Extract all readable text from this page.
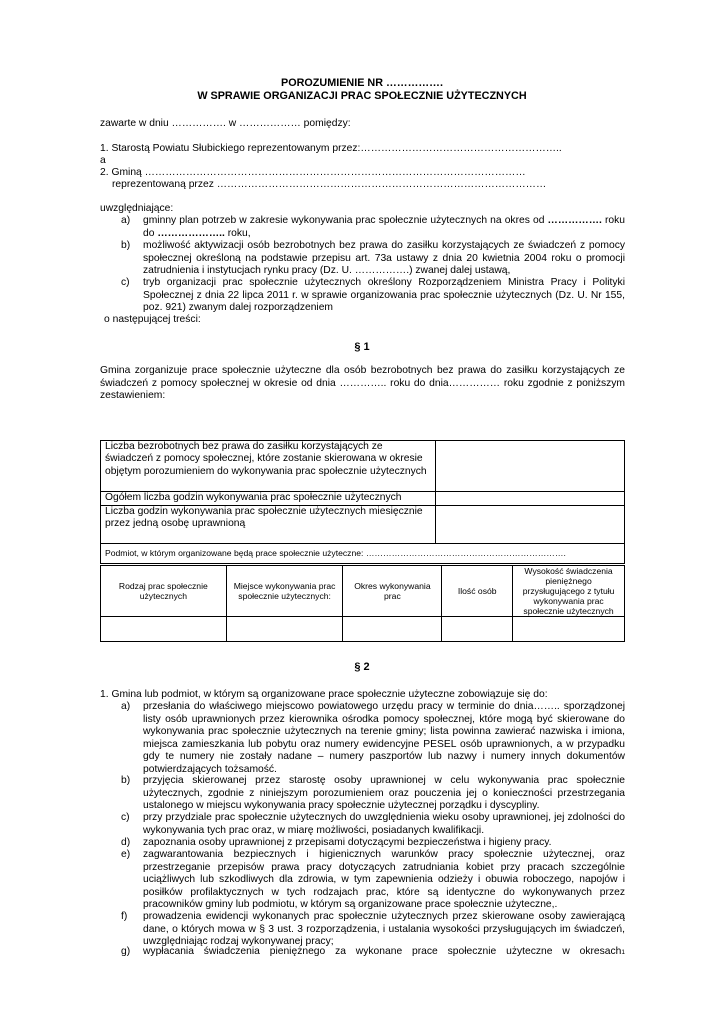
POROZUMIENIE NR …………….
W SPRAWIE ORGANIZACJI PRAC SPOŁECZNIE UŻYTECZNYCH
zawarte w dniu ……………. w ……………… pomiędzy:
1. Starostą Powiatu Słubickiego reprezentowanym przez:…………………………………………………..
a
2. Gminą …………………………………………………………………………………………………
reprezentowaną przez ……………………………………………………………………………………
uwzględniające:
a) gminny plan potrzeb w zakresie wykonywania prac społecznie użytecznych na okres od ……………. roku do ……………….. roku,
b) możliwość aktywizacji osób bezrobotnych bez prawa do zasiłku korzystających ze świadczeń z pomocy społecznej określoną na podstawie przepisu art. 73a ustawy z dnia 20 kwietnia 2004 roku o promocji zatrudnienia i instytucjach rynku pracy (Dz. U. …………….) zwanej dalej ustawą,
c) tryb organizacji prac społecznie użytecznych określony Rozporządzeniem Ministra Pracy i Polityki Społecznej z dnia 22 lipca 2011 r. w sprawie organizowania prac społecznie użytecznych (Dz. U. Nr 155, poz. 921) zwanym dalej rozporządzeniem
o następującej treści:
§ 1
Gmina zorganizuje prace społecznie użyteczne dla osób bezrobotnych bez prawa do zasiłku korzystających ze świadczeń z pomocy społecznej w okresie od dnia ………….. roku do dnia…………… roku zgodnie z poniższym zestawieniem:
Liczba bezrobotnych bez prawa do zasiłku korzystających ze świadczeń z pomocy społecznej, które zostanie skierowana w okresie objętym porozumieniem do wykonywania prac społecznie użytecznych	
Ogółem liczba godzin wykonywania prac społecznie użytecznych	
Liczba godzin wykonywania prac społecznie użytecznych miesięcznie przez jedną osobę uprawnioną	
Podmiot, w którym organizowane będą prace społecznie użyteczne: …………………………………………………………….	
Rodzaj prac społecznie użytecznych	Miejsce wykonywania prac społecznie użytecznych:	Okres wykonywania prac	Ilość osób	Wysokość świadczenia pieniężnego przysługującego z tytułu wykonywania prac społecznie użytecznych

§ 2
1. Gmina lub podmiot, w którym są organizowane prace społecznie użyteczne zobowiązuje się do:
a) przesłania do właściwego miejscowo powiatowego urzędu pracy w terminie do dnia…….. sporządzonej listy osób uprawnionych przez kierownika ośrodka pomocy społecznej, które mogą być skierowane do wykonywania prac społecznie użytecznych na terenie gminy; lista powinna zawierać nazwiska i imiona, miejsca zamieszkania lub pobytu oraz numery ewidencyjne PESEL osób uprawnionych, a w przypadku gdy te numery nie zostały nadane – numery paszportów lub nazwy i numery innych dokumentów potwierdzających tożsamość.
b) przyjęcia skierowanej przez starostę osoby uprawnionej w celu wykonywania prac społecznie użytecznych, zgodnie z niniejszym porozumieniem oraz pouczenia jej o konieczności przestrzegania ustalonego w miejscu wykonywania pracy społecznie użytecznej porządku i dyscypliny.
c) przy przydziale prac społecznie użytecznych do uwzględnienia wieku osoby uprawnionej, jej zdolności do wykonywania tych prac oraz, w miarę możliwości, posiadanych kwalifikacji.
d) zapoznania osoby uprawnionej z przepisami dotyczącymi bezpieczeństwa i higieny pracy.
e) zagwarantowania bezpiecznych i higienicznych warunków pracy społecznie użytecznej, oraz przestrzeganie przepisów prawa pracy dotyczących zatrudniania kobiet przy pracach szczególnie uciążliwych lub szkodliwych dla zdrowia, w tym zapewnienia odzieży i obuwia roboczego, napojów i posiłków profilaktycznych w tych rodzajach prac, które są identyczne do wykonywanych przez pracowników gminy lub podmiotu, w którym są organizowane prace społecznie użyteczne,.
f) prowadzenia ewidencji wykonanych prac społecznie użytecznych przez skierowane osoby zawierającą dane, o których mowa w § 3 ust. 3 rozporządzenia, i ustalania wysokości przysługujących im świadczeń, uwzględniając rodzaj wykonywanej pracy;
g) wypłacania świadczenia pieniężnego za wykonane prace społecznie użyteczne w okresach1
